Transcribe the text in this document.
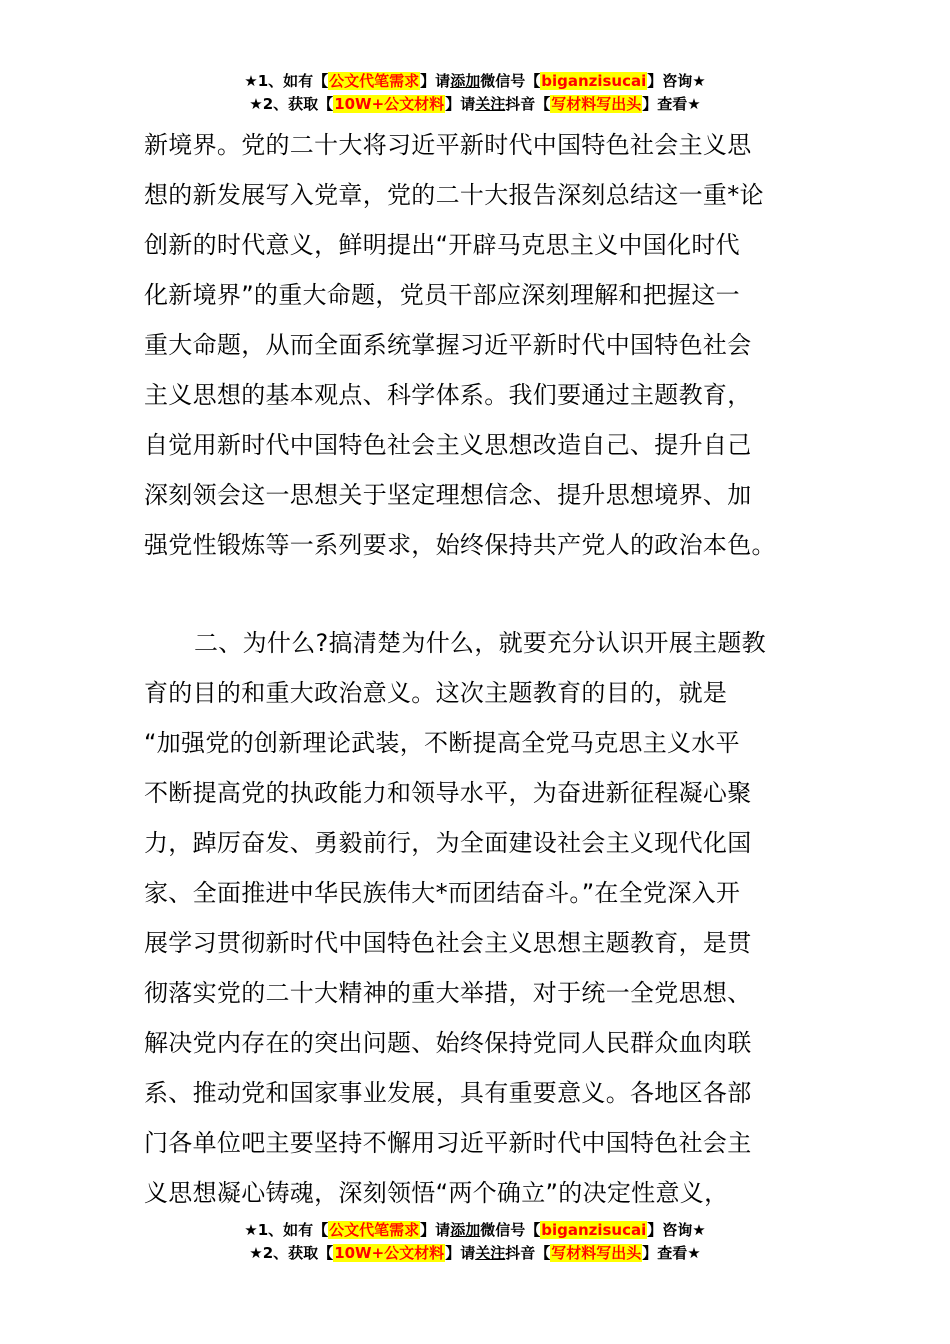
★1、如有【公文代笔需求】请添加微信号【biganzisucai】咨询★
★2、获取【10W+公文材料】请关注抖音【写材料写出头】查看★
新境界。党的二十大将习近平新时代中国特色社会主义思
想的新发展写入党章，党的二十大报告深刻总结这一重*论
创新的时代意义，鲜明提出“开辟马克思主义中国化时代
化新境界”的重大命题，党员干部应深刻理解和把握这一
重大命题，从而全面系统掌握习近平新时代中国特色社会
主义思想的基本观点、科学体系。我们要通过主题教育，
自觉用新时代中国特色社会主义思想改造自己、提升自己
深刻领会这一思想关于坚定理想信念、提升思想境界、加
强党性锻炼等一系列要求，始终保持共产党人的政治本色。
二、为什么?搞清楚为什么，就要充分认识开展主题教
育的目的和重大政治意义。这次主题教育的目的，就是
“加强党的创新理论武装，不断提高全党马克思主义水平
不断提高党的执政能力和领导水平，为奋进新征程凝心聚
力，踔厉奋发、勇毅前行，为全面建设社会主义现代化国
家、全面推进中华民族伟大*而团结奋斗。”在全党深入开
展学习贯彻新时代中国特色社会主义思想主题教育，是贯
彻落实党的二十大精神的重大举措，对于统一全党思想、
解决党内存在的突出问题、始终保持党同人民群众血肉联
系、推动党和国家事业发展，具有重要意义。各地区各部
门各单位吧主要坚持不懈用习近平新时代中国特色社会主
义思想凝心铸魂，深刻领悟“两个确立”的决定性意义，
★1、如有【公文代笔需求】请添加微信号【biganzisucai】咨询★
★2、获取【10W+公文材料】请关注抖音【写材料写出头】查看★
